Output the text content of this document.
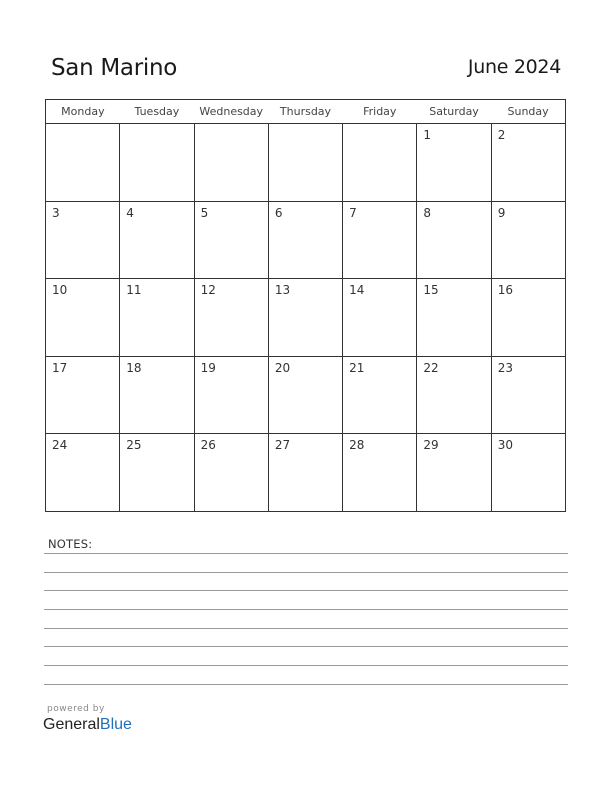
San Marino	June 2024
Monday	Tuesday	Wednesday	Thursday	Friday	Saturday	Sunday
					1	2
3	4	5	6	7	8	9
10	11	12	13	14	15	16
17	18	19	20	21	22	23
24	25	26	27	28	29	30
NOTES:
powered by
GeneralBlue
